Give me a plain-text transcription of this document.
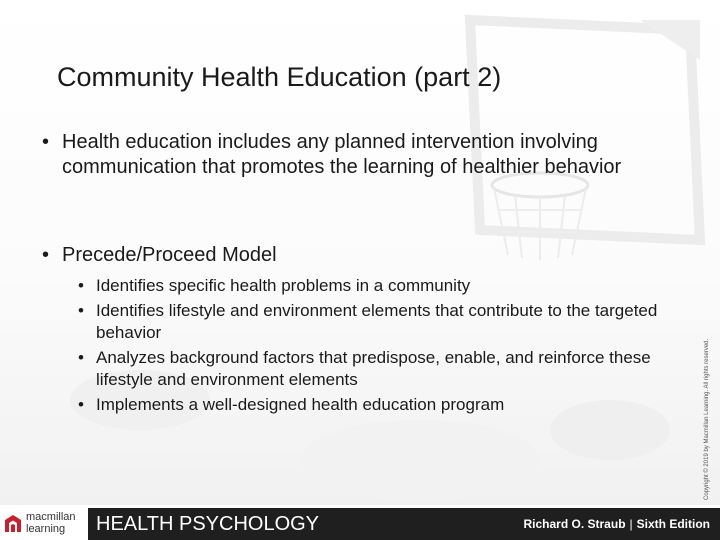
Community Health Education (part 2)
• Health education includes any planned intervention involving communication that promotes the learning of healthier behavior
• Precede/Proceed Model
• Identifies specific health problems in a community
• Identifies lifestyle and environment elements that contribute to the targeted behavior
• Analyzes background factors that predispose, enable, and reinforce these lifestyle and environment elements
• Implements a well-designed health education program	Copyright © 2019 by Macmillan Learning. All rights reserved.
macmillan
learning	HEALTH PSYCHOLOGY	Richard O. Straub | Sixth Edition
